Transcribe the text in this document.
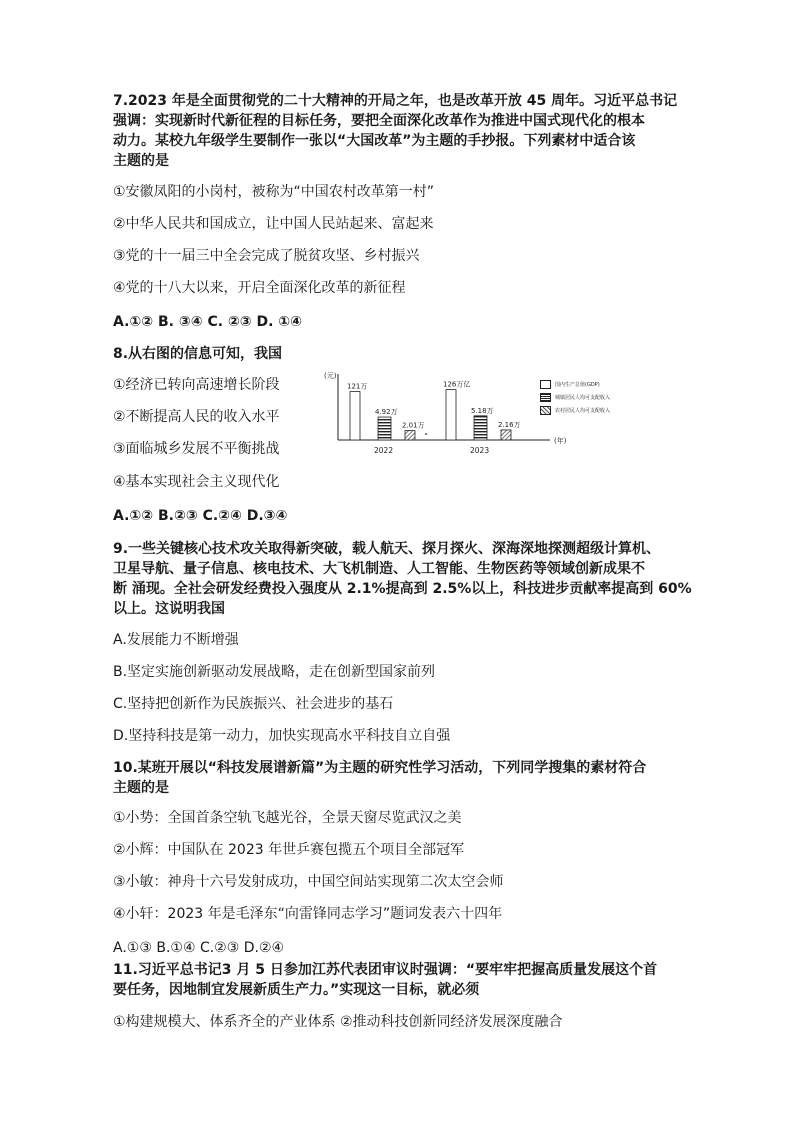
7.2023 年是全面贯彻党的二十大精神的开局之年，也是改革开放 45 周年。习近平总书记
强调：实现新时代新征程的目标任务，要把全面深化改革作为推进中国式现代化的根本
动力。某校九年级学生要制作一张以“大国改革”为主题的手抄报。下列素材中适合该
主题的是
①安徽凤阳的小岗村，被称为“中国农村改革第一村”
②中华人民共和国成立，让中国人民站起来、富起来
③党的十一届三中全会完成了脱贫攻坚、乡村振兴
④党的十八大以来，开启全面深化改革的新征程
A.①② B. ③④ C. ②③ D. ①④
8.从右图的信息可知，我国
①经济已转向高速增长阶段
②不断提高人民的收入水平
③面临城乡发展不平衡挑战
④基本实现社会主义现代化
A.①② B.②③ C.②④ D.③④
(元)
(年)
121万
4.92万
2.01万
2022
126万亿
5.18万
2.16万
2023
国内生产总值(GDP)
城镇居民人均可支配收入
农村居民人均可支配收入
9.一些关键核心技术攻关取得新突破，载人航天、探月探火、深海深地探测超级计算机、
卫星导航、量子信息、核电技术、大飞机制造、人工智能、生物医药等领域创新成果不
断 涌现。全社会研发经费投入强度从 2.1%提高到 2.5%以上，科技进步贡献率提高到 60%
以上。这说明我国
A.发展能力不断增强
B.坚定实施创新驱动发展战略，走在创新型国家前列
C.坚持把创新作为民族振兴、社会进步的基石
D.坚持科技是第一动力，加快实现高水平科技自立自强
10.某班开展以“科技发展谱新篇”为主题的研究性学习活动，下列同学搜集的素材符合
主题的是
①小势：全国首条空轨飞越光谷，全景天窗尽览武汉之美
②小辉：中国队在 2023 年世乒赛包揽五个项目全部冠军
③小敏：神舟十六号发射成功，中国空间站实现第二次太空会师
④小轩：2023 年是毛泽东“向雷锋同志学习”题词发表六十四年
A.①③ B.①④ C.②③ D.②④
11.习近平总书记3 月 5 日参加江苏代表团审议时强调：“要牢牢把握高质量发展这个首
要任务，因地制宜发展新质生产力。”实现这一目标，就必须
①构建规模大、体系齐全的产业体系 ②推动科技创新同经济发展深度融合
